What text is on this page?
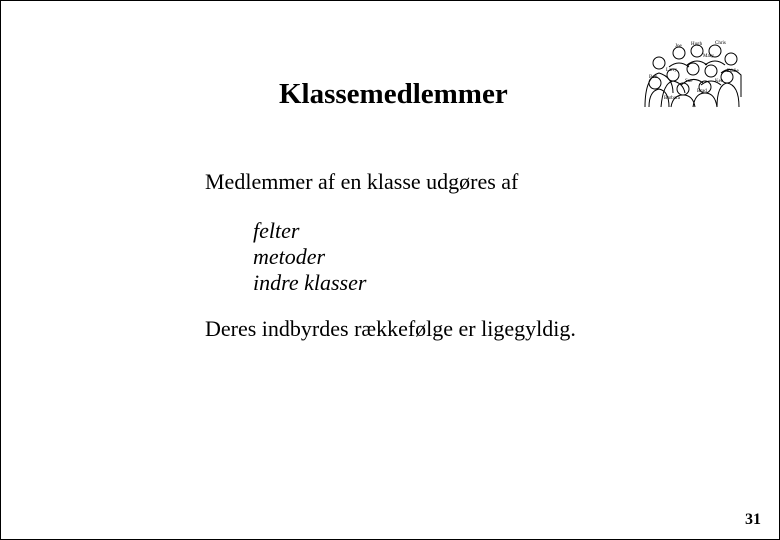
Joe Hugh	Chris
Mary
Larry	Eddie
Bob
Sue	Ken
Barbara
Brad
Klassemedlemmer
Medlemmer af en klasse udgøres af
felter
metoder
indre klasser
Deres indbyrdes rækkefølge er ligegyldig.
31
